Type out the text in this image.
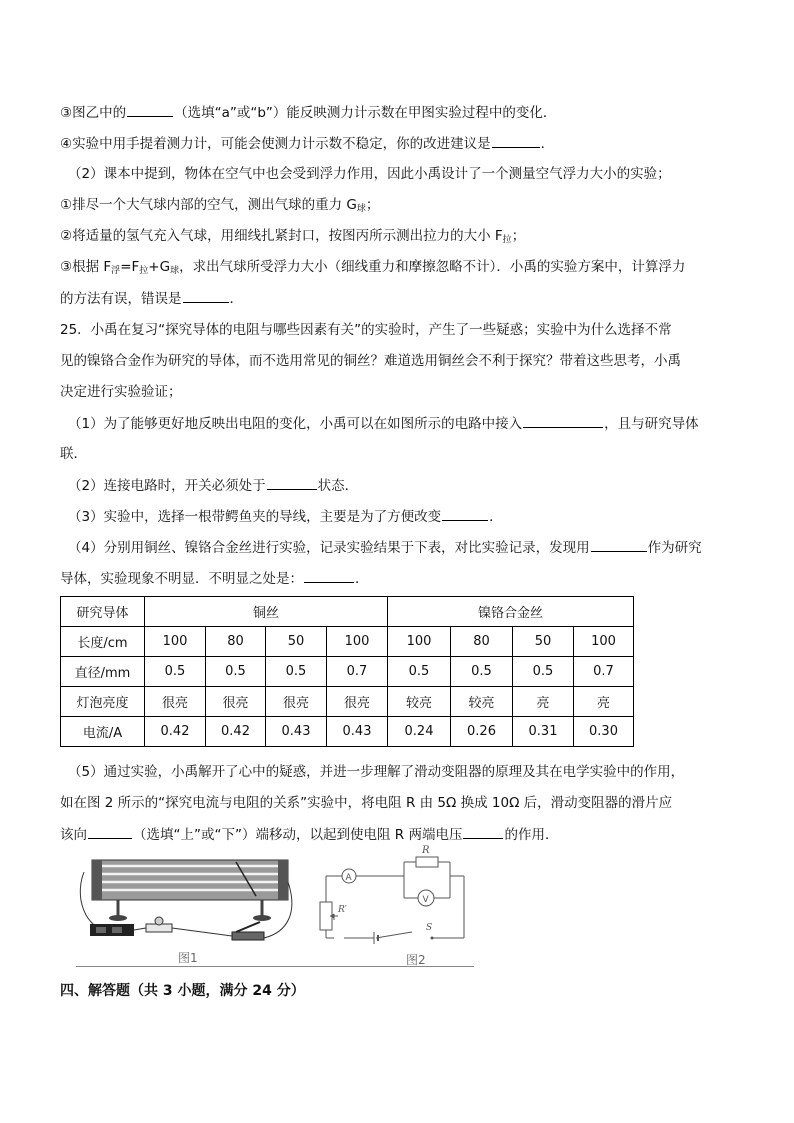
③图乙中的	（选填“a”或“b”）能反映测力计示数在甲图实验过程中的变化．
④实验中用手提着测力计，可能会使测力计示数不稳定，你的改进建议是	．
（2）课本中提到，物体在空气中也会受到浮力作用，因此小禹设计了一个测量空气浮力大小的实验；
①排尽一个大气球内部的空气，测出气球的重力 $G_球$；
②将适量的氢气充入气球，用细线扎紧封口，按图丙所示测出拉力的大小 $F_拉$；
③根据 $F_浮=F_拉+G_球$，求出气球所受浮力大小（细线重力和摩擦忽略不计）．小禹的实验方案中，计算浮力
的方法有误，错误是	．
25．小禹在复习“探究导体的电阻与哪些因素有关”的实验时，产生了一些疑惑；实验中为什么选择不常
见的镍铬合金作为研究的导体，而不选用常见的铜丝？难道选用铜丝会不利于探究？带着这些思考，小禹
决定进行实验验证；
（1）为了能够更好地反映出电阻的变化，小禹可以在如图所示的电路中接入	，且与研究导体
联．
（2）连接电路时，开关必须处于	状态．
（3）实验中，选择一根带鳄鱼夹的导线，主要是为了方便改变	．
（4）分别用铜丝、镍铬合金丝进行实验，记录实验结果于下表，对比实验记录，发现用	作为研究
导体，实验现象不明显．不明显之处是：	．
研究导体	铜丝				镍铬合金丝			
长度/cm	100	80	50	100	100	80	50	100
直径/mm	0.5	0.5	0.5	0.7	0.5	0.5	0.5	0.7
灯泡亮度	很亮	很亮	很亮	很亮	较亮	较亮	亮	亮
电流/A	0.42	0.42	0.43	0.43	0.24	0.26	0.31	0.30
（5）通过实验，小禹解开了心中的疑惑，并进一步理解了滑动变阻器的原理及其在电学实验中的作用，
如在图 2 所示的“探究电流与电阻的关系”实验中，将电阻 R 由 5Ω 换成 10Ω 后，滑动变阻器的滑片应
该向	（选填“上”或“下”）端移动，以起到使电阻 R 两端电压	的作用．
图1
A
R
V
R′
S
图2
四、解答题（共 3 小题，满分 24 分）
